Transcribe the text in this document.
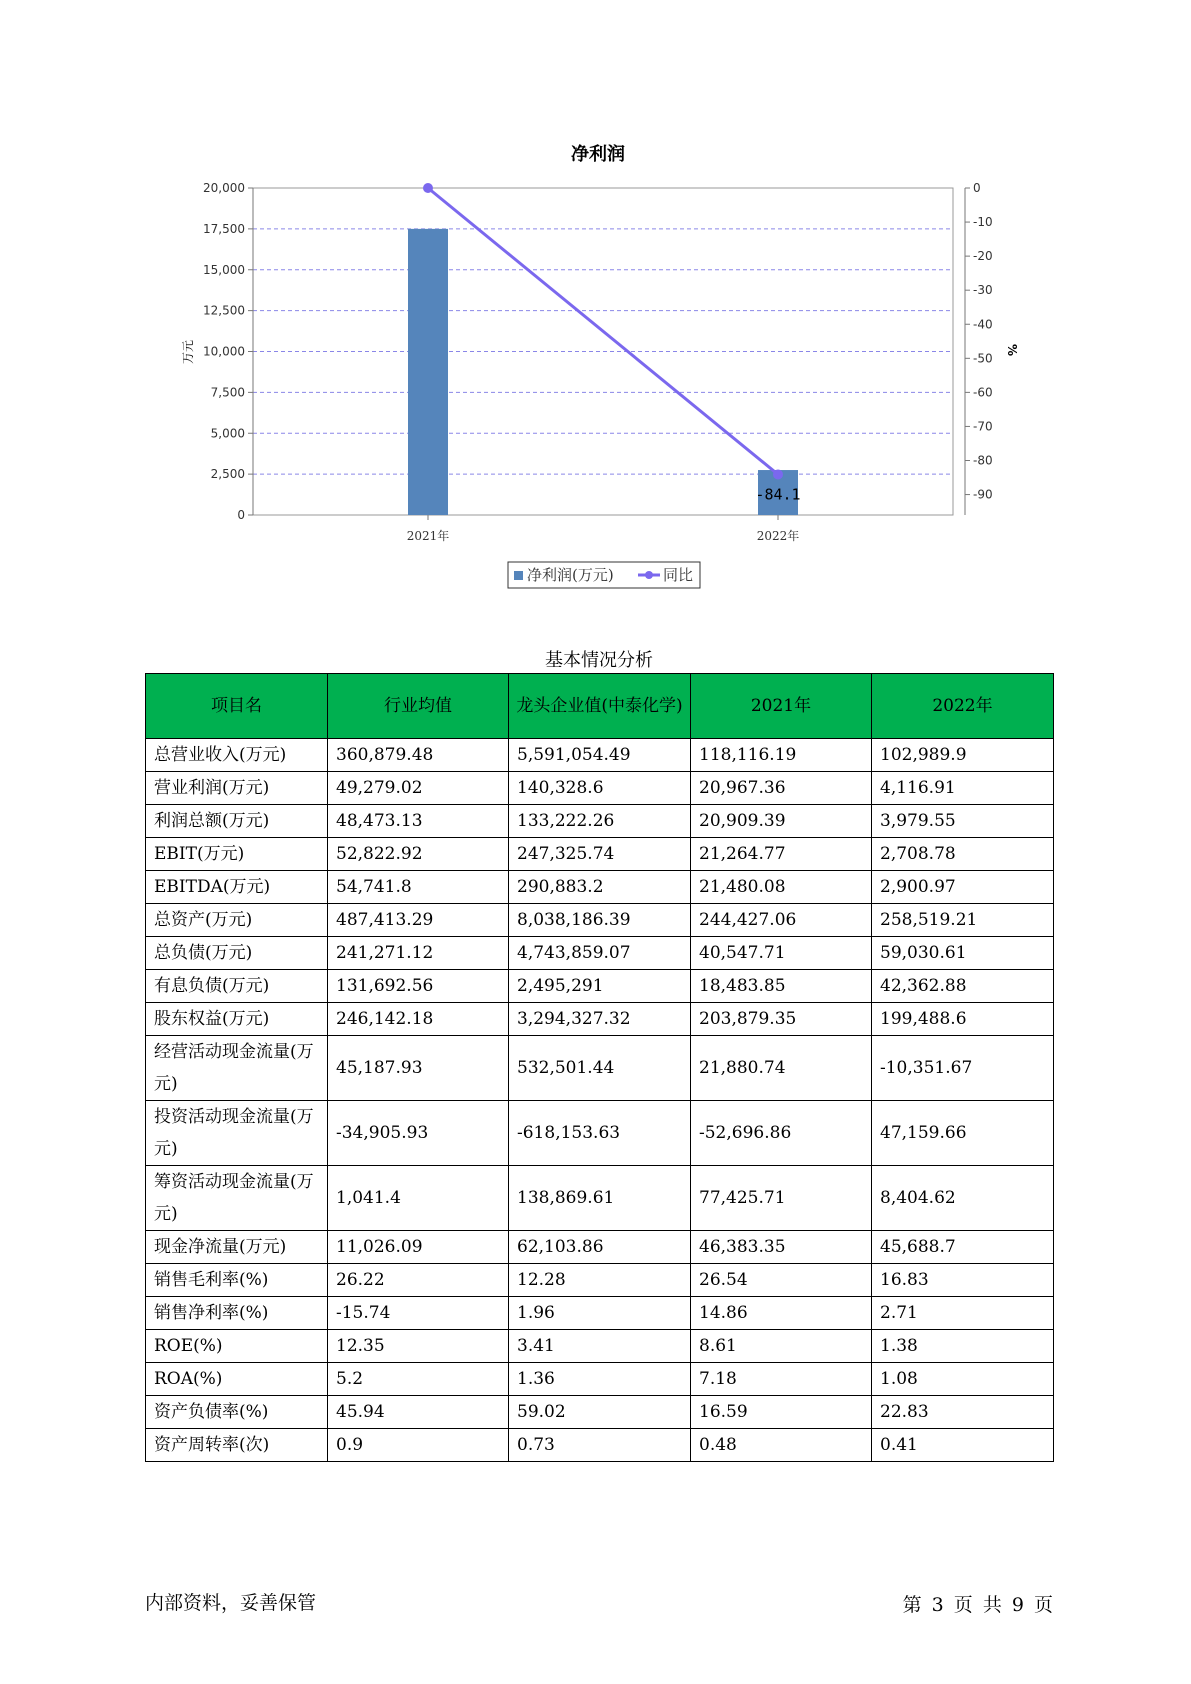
净利润
0
2,500
5,000
7,500
10,000
12,500
15,000
17,500
20,000	0
-10
-20
-30
-40
-50
-60
-70
-80
-90
-84.1
2021年	2022年
万元	%
净利润(万元)	同比
基本情况分析
项目名	行业均值	龙头企业值(中泰化学)	2021年	2022年
总营业收入(万元)	360,879.48	5,591,054.49	118,116.19	102,989.9
营业利润(万元)	49,279.02	140,328.6	20,967.36	4,116.91
利润总额(万元)	48,473.13	133,222.26	20,909.39	3,979.55
EBIT(万元)	52,822.92	247,325.74	21,264.77	2,708.78
EBITDA(万元)	54,741.8	290,883.2	21,480.08	2,900.97
总资产(万元)	487,413.29	8,038,186.39	244,427.06	258,519.21
总负债(万元)	241,271.12	4,743,859.07	40,547.71	59,030.61
有息负债(万元)	131,692.56	2,495,291	18,483.85	42,362.88
股东权益(万元)	246,142.18	3,294,327.32	203,879.35	199,488.6
经营活动现金流量(万元)	45,187.93	532,501.44	21,880.74	-10,351.67
投资活动现金流量(万元)	-34,905.93	-618,153.63	-52,696.86	47,159.66
筹资活动现金流量(万元)	1,041.4	138,869.61	77,425.71	8,404.62
现金净流量(万元)	11,026.09	62,103.86	46,383.35	45,688.7
销售毛利率(%)	26.22	12.28	26.54	16.83
销售净利率(%)	-15.74	1.96	14.86	2.71
ROE(%)	12.35	3.41	8.61	1.38
ROA(%)	5.2	1.36	7.18	1.08
资产负债率(%)	45.94	59.02	16.59	22.83
资产周转率(次)	0.9	0.73	0.48	0.41
内部资料，妥善保管	第 3 页 共 9 页
